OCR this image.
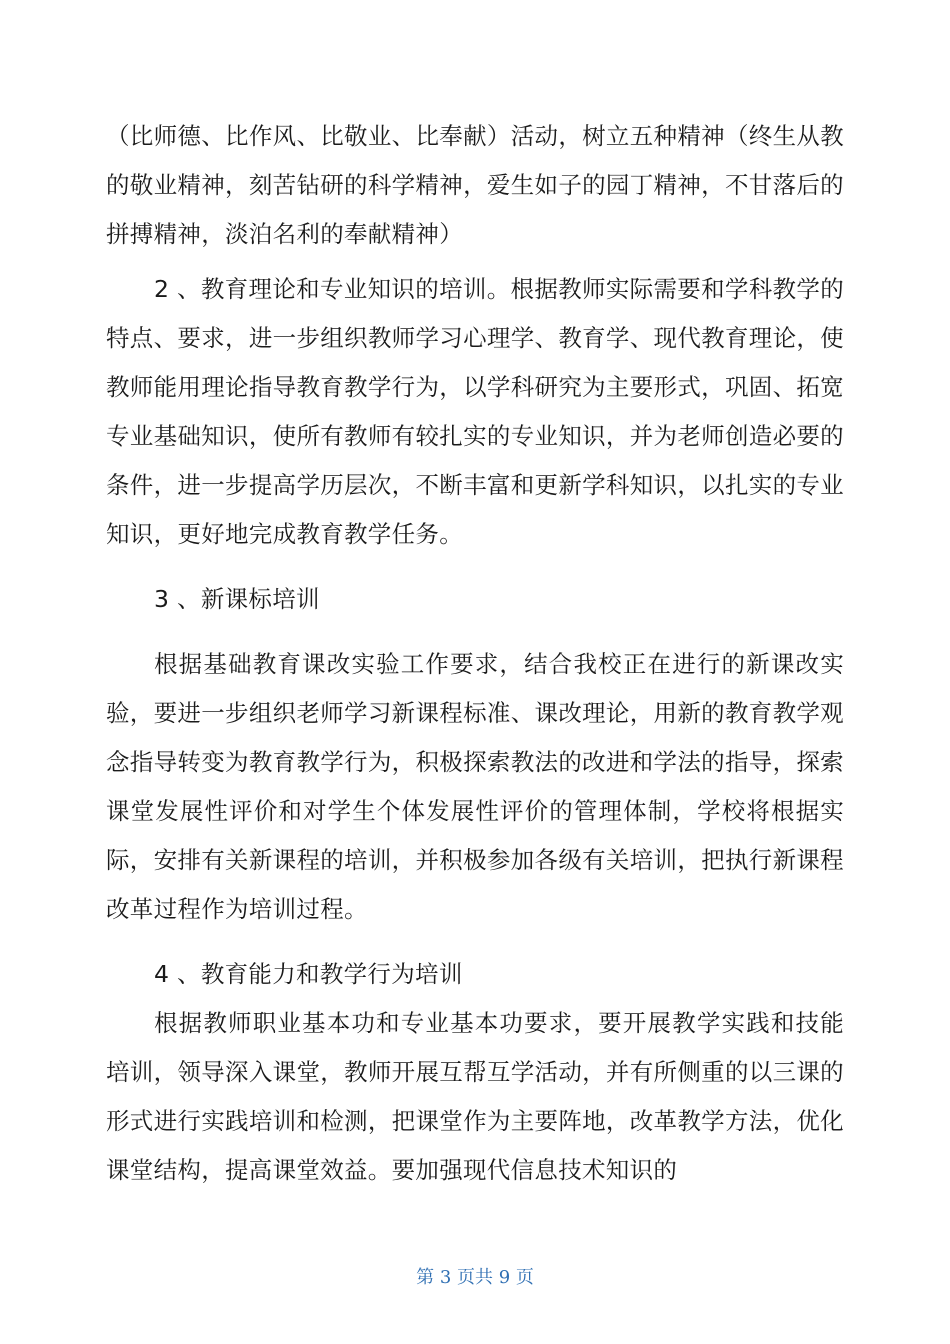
（比师德、比作风、比敬业、比奉献）活动，树立五种精神（终生从教的敬业精神，刻苦钻研的科学精神，爱生如子的园丁精神，不甘落后的拼搏精神，淡泊名利的奉献精神）

2 、教育理论和专业知识的培训。根据教师实际需要和学科教学的特点、要求，进一步组织教师学习心理学、教育学、现代教育理论，使教师能用理论指导教育教学行为，以学科研究为主要形式，巩固、拓宽专业基础知识，使所有教师有较扎实的专业知识，并为老师创造必要的条件，进一步提高学历层次，不断丰富和更新学科知识，以扎实的专业知识，更好地完成教育教学任务。

3 、新课标培训

根据基础教育课改实验工作要求，结合我校正在进行的新课改实验，要进一步组织老师学习新课程标准、课改理论，用新的教育教学观念指导转变为教育教学行为，积极探索教法的改进和学法的指导，探索课堂发展性评价和对学生个体发展性评价的管理体制，学校将根据实际，安排有关新课程的培训，并积极参加各级有关培训，把执行新课程改革过程作为培训过程。

4 、教育能力和教学行为培训

根据教师职业基本功和专业基本功要求，要开展教学实践和技能培训，领导深入课堂，教师开展互帮互学活动，并有所侧重的以三课的形式进行实践培训和检测，把课堂作为主要阵地，改革教学方法，优化课堂结构，提高课堂效益。要加强现代信息技术知识的

第 3 页共 9 页
